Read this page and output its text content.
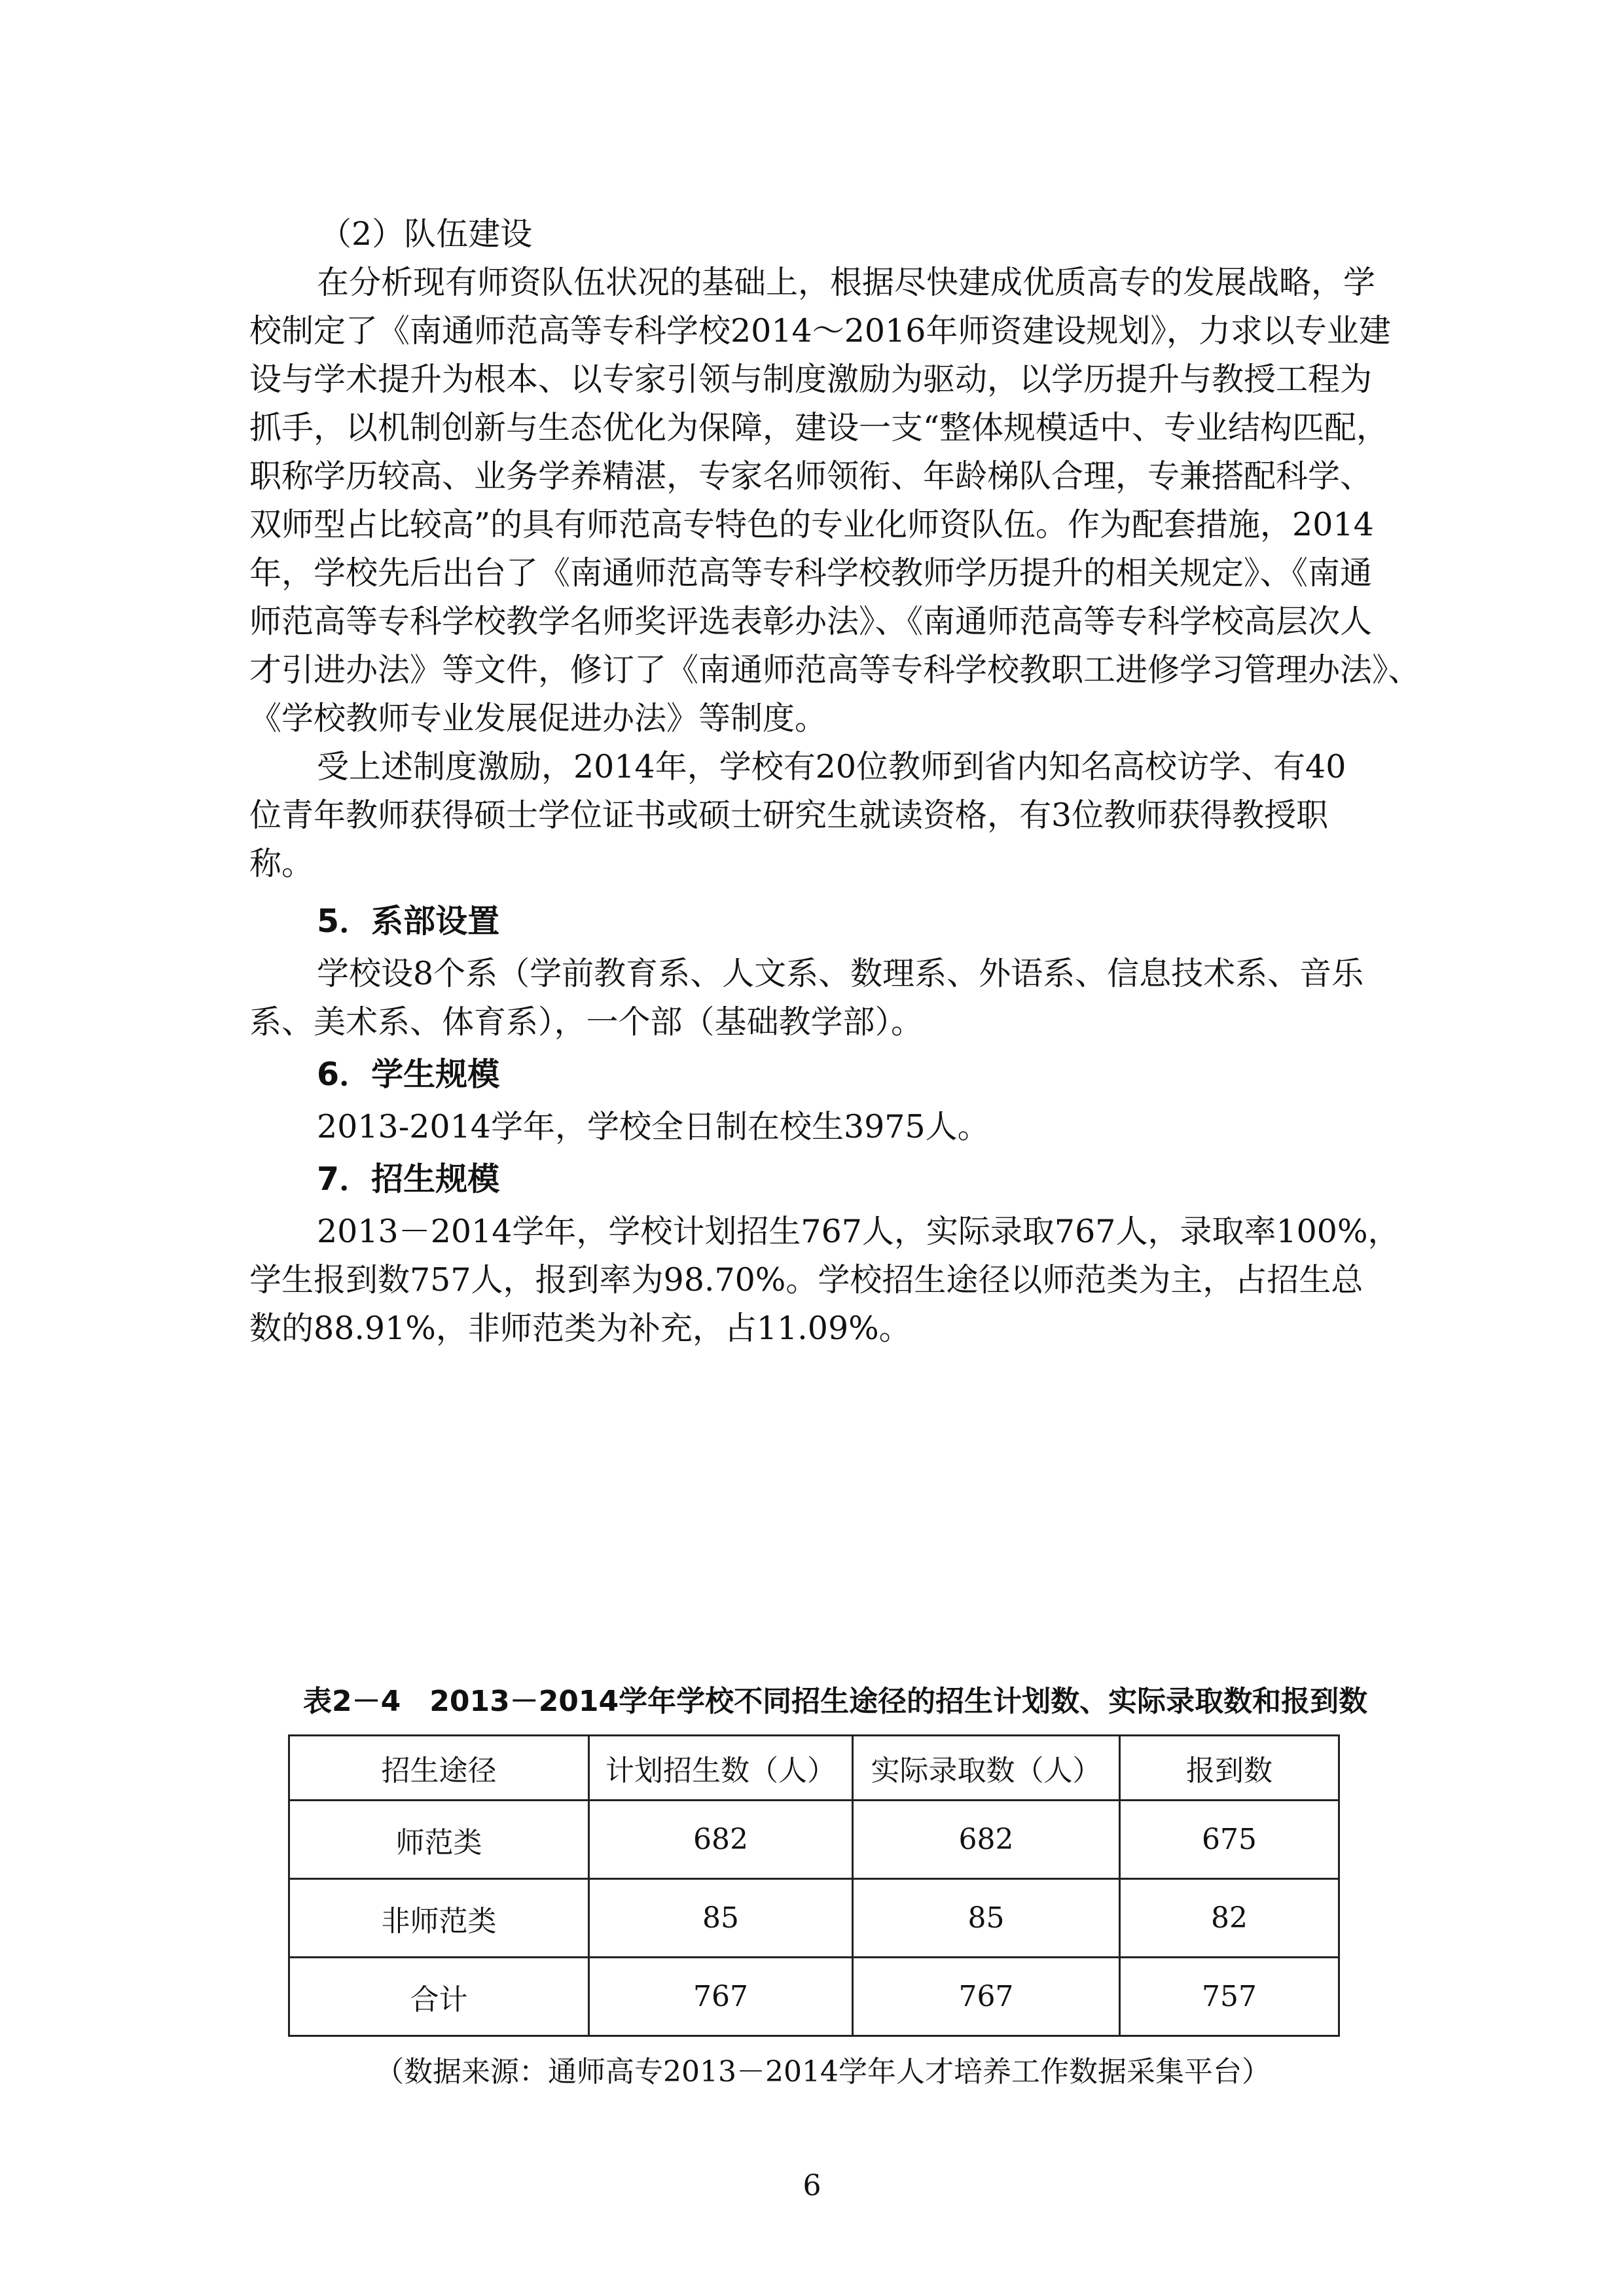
（2）队伍建设
在分析现有师资队伍状况的基础上，根据尽快建成优质高专的发展战略，学
校制定了《南通师范高等专科学校2014～2016年师资建设规划》，力求以专业建
设与学术提升为根本、以专家引领与制度激励为驱动，以学历提升与教授工程为
抓手，以机制创新与生态优化为保障，建设一支“整体规模适中、专业结构匹配，
职称学历较高、业务学养精湛，专家名师领衔、年龄梯队合理，专兼搭配科学、
双师型占比较高”的具有师范高专特色的专业化师资队伍。作为配套措施，2014
年，学校先后出台了《南通师范高等专科学校教师学历提升的相关规定》、《南通
师范高等专科学校教学名师奖评选表彰办法》、《南通师范高等专科学校高层次人
才引进办法》等文件，修订了《南通师范高等专科学校教职工进修学习管理办法》、
《学校教师专业发展促进办法》等制度。
受上述制度激励，2014年，学校有20位教师到省内知名高校访学、有40
位青年教师获得硕士学位证书或硕士研究生就读资格，有3位教师获得教授职
称。
5．系部设置
学校设8个系（学前教育系、人文系、数理系、外语系、信息技术系、音乐
系、美术系、体育系），一个部（基础教学部）。
6．学生规模
2013-2014学年，学校全日制在校生3975人。
7．招生规模
2013－2014学年，学校计划招生767人，实际录取767人，录取率100%，
学生报到数757人，报到率为98.70%。学校招生途径以师范类为主，占招生总
数的88.91%，非师范类为补充，占11.09%。
表2－4　2013－2014学年学校不同招生途径的招生计划数、实际录取数和报到数
招生途径	计划招生数（人）	实际录取数（人）	报到数
师范类	682	682	675
非师范类	85	85	82
合计	767	767	757
（数据来源：通师高专2013－2014学年人才培养工作数据采集平台）
6
